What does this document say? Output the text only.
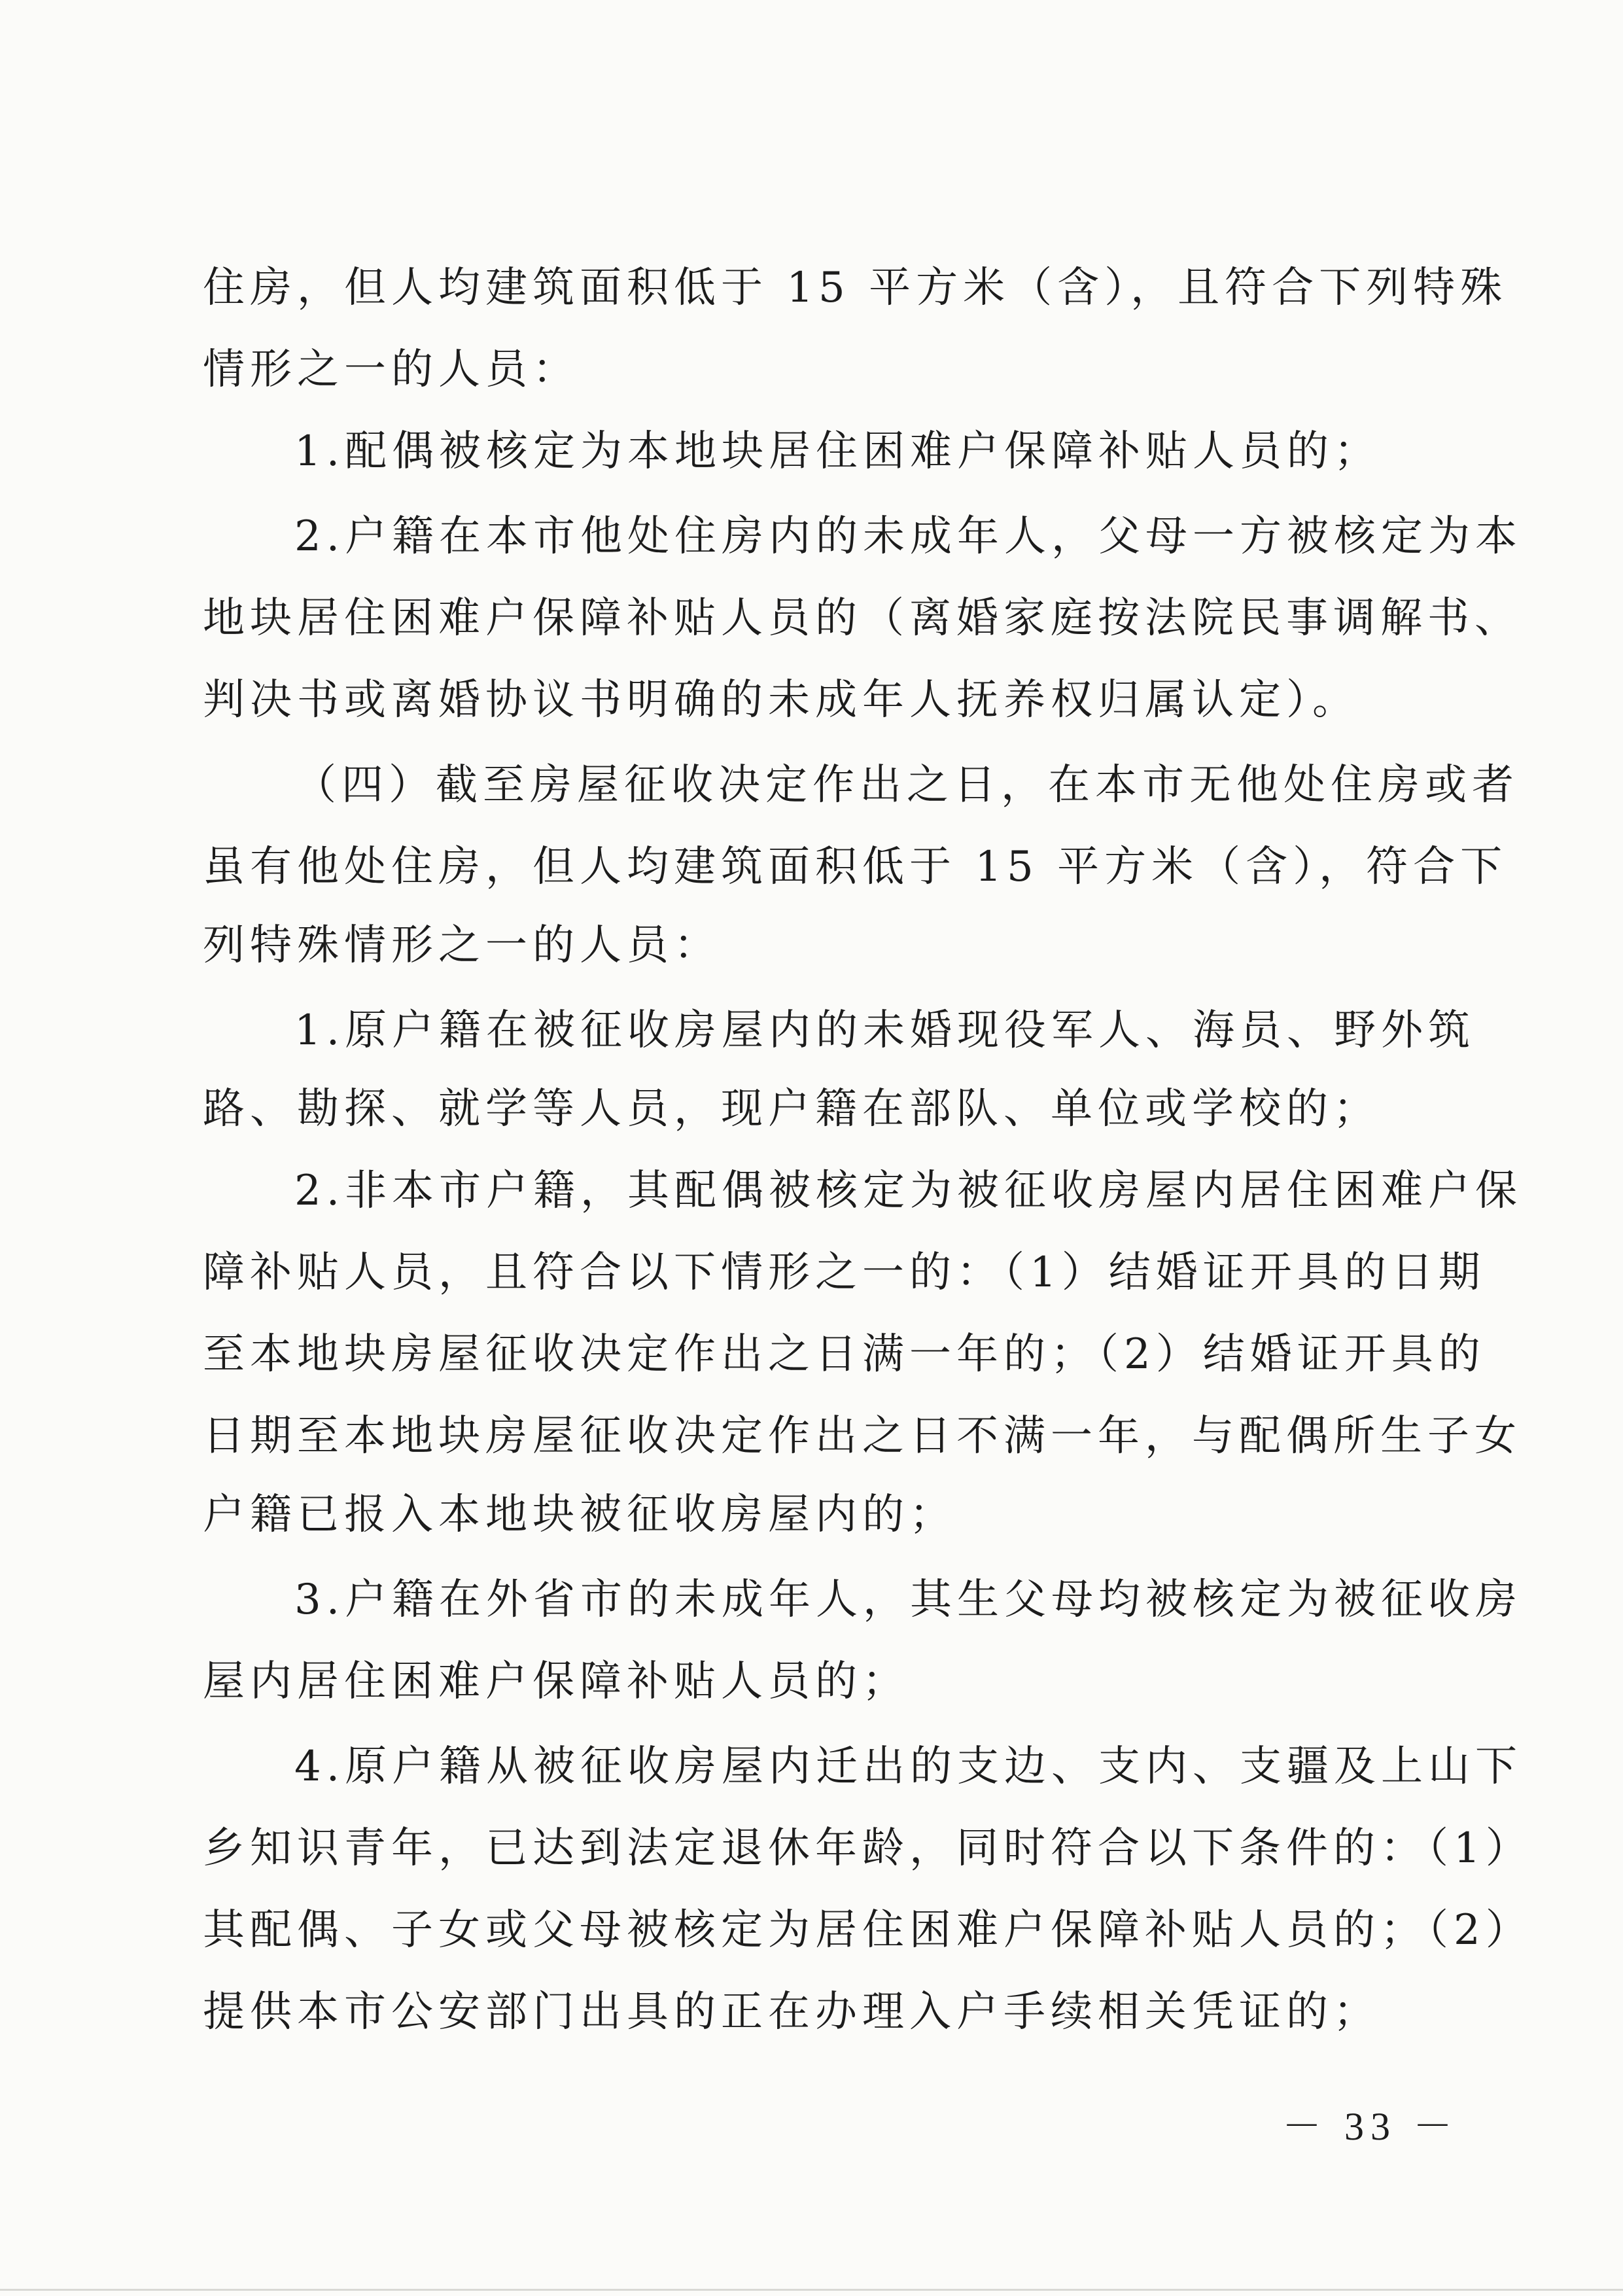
住房，但人均建筑面积低于 15 平方米（含），且符合下列特殊
情形之一的人员：
1.配偶被核定为本地块居住困难户保障补贴人员的；
2.户籍在本市他处住房内的未成年人，父母一方被核定为本
地块居住困难户保障补贴人员的（离婚家庭按法院民事调解书、
判决书或离婚协议书明确的未成年人抚养权归属认定）。
（四）截至房屋征收决定作出之日，在本市无他处住房或者
虽有他处住房，但人均建筑面积低于 15 平方米（含），符合下
列特殊情形之一的人员：
1.原户籍在被征收房屋内的未婚现役军人、海员、野外筑
路、勘探、就学等人员，现户籍在部队、单位或学校的；
2.非本市户籍，其配偶被核定为被征收房屋内居住困难户保
障补贴人员，且符合以下情形之一的：（1）结婚证开具的日期
至本地块房屋征收决定作出之日满一年的；（2）结婚证开具的
日期至本地块房屋征收决定作出之日不满一年，与配偶所生子女
户籍已报入本地块被征收房屋内的；
3.户籍在外省市的未成年人，其生父母均被核定为被征收房
屋内居住困难户保障补贴人员的；
4.原户籍从被征收房屋内迁出的支边、支内、支疆及上山下
乡知识青年，已达到法定退休年龄，同时符合以下条件的：（1）
其配偶、子女或父母被核定为居住困难户保障补贴人员的；（2）
提供本市公安部门出具的正在办理入户手续相关凭证的；
－ 33 －
